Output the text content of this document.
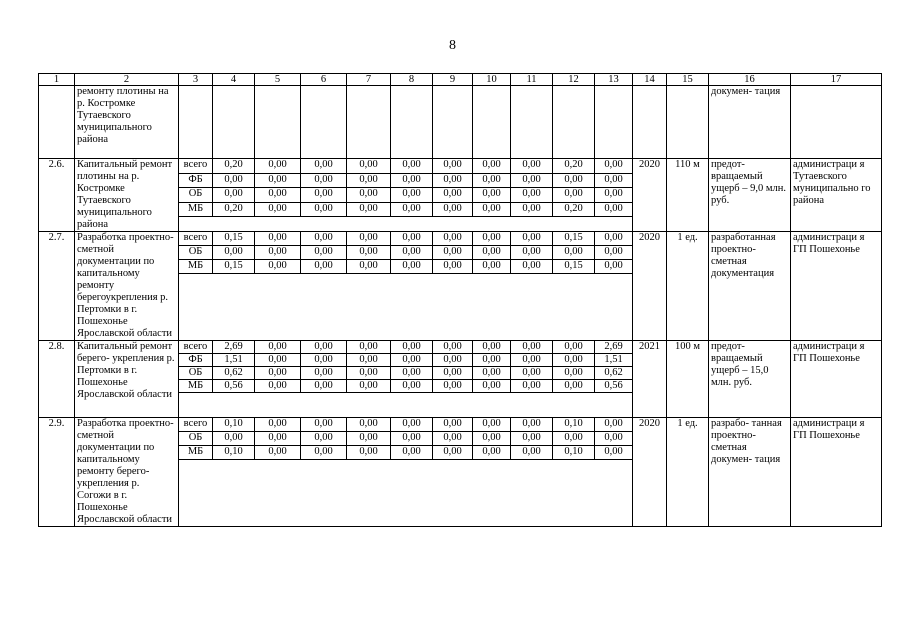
8
1	2	3	4	5	6	7	8	9	10	11	12	13	14	15	16	17
	ремонту плотины на р. Костромке Тутаевского муниципального района														докумен- тация	
2.6.	Капитальный ремонт плотины на р. Костромке Тутаевского муниципального района	всего	0,20	0,00	0,00	0,00	0,00	0,00	0,00	0,00	0,20	0,00	2020	110 м	предот- вращаемый ущерб – 9,0 млн. руб.	администраци я Тутаевского муниципально го района
		ФБ	0,00	0,00	0,00	0,00	0,00	0,00	0,00	0,00	0,00	0,00				
		ОБ	0,00	0,00	0,00	0,00	0,00	0,00	0,00	0,00	0,00	0,00				
		МБ	0,20	0,00	0,00	0,00	0,00	0,00	0,00	0,00	0,20	0,00				

2.7.	Разработка проектно-сметной документации по капитальному ремонту берегоукрепления р. Пертомки в г. Пошехонье Ярославской области	всего	0,15	0,00	0,00	0,00	0,00	0,00	0,00	0,00	0,15	0,00	2020	1 ед.	разработанная проектно- сметная документация	администраци я ГП Пошехонье
		ОБ	0,00	0,00	0,00	0,00	0,00	0,00	0,00	0,00	0,00	0,00				
		МБ	0,15	0,00	0,00	0,00	0,00	0,00	0,00	0,00	0,15	0,00				

2.8.	Капитальный ремонт берего- укрепления р. Пертомки в г. Пошехонье Ярославской области	всего	2,69	0,00	0,00	0,00	0,00	0,00	0,00	0,00	0,00	2,69	2021	100 м	предот- вращаемый ущерб – 15,0 млн. руб.	администраци я ГП Пошехонье
		ФБ	1,51	0,00	0,00	0,00	0,00	0,00	0,00	0,00	0,00	1,51				
		ОБ	0,62	0,00	0,00	0,00	0,00	0,00	0,00	0,00	0,00	0,62				
		МБ	0,56	0,00	0,00	0,00	0,00	0,00	0,00	0,00	0,00	0,56				

2.9.	Разработка проектно-сметной документации по капитальному ремонту берего- укрепления р. Согожи в г. Пошехонье Ярославской области	всего	0,10	0,00	0,00	0,00	0,00	0,00	0,00	0,00	0,10	0,00	2020	1 ед.	разрабо- танная проектно- сметная докумен- тация	администраци я ГП Пошехонье
		ОБ	0,00	0,00	0,00	0,00	0,00	0,00	0,00	0,00	0,00	0,00				
		МБ	0,10	0,00	0,00	0,00	0,00	0,00	0,00	0,00	0,10	0,00				
